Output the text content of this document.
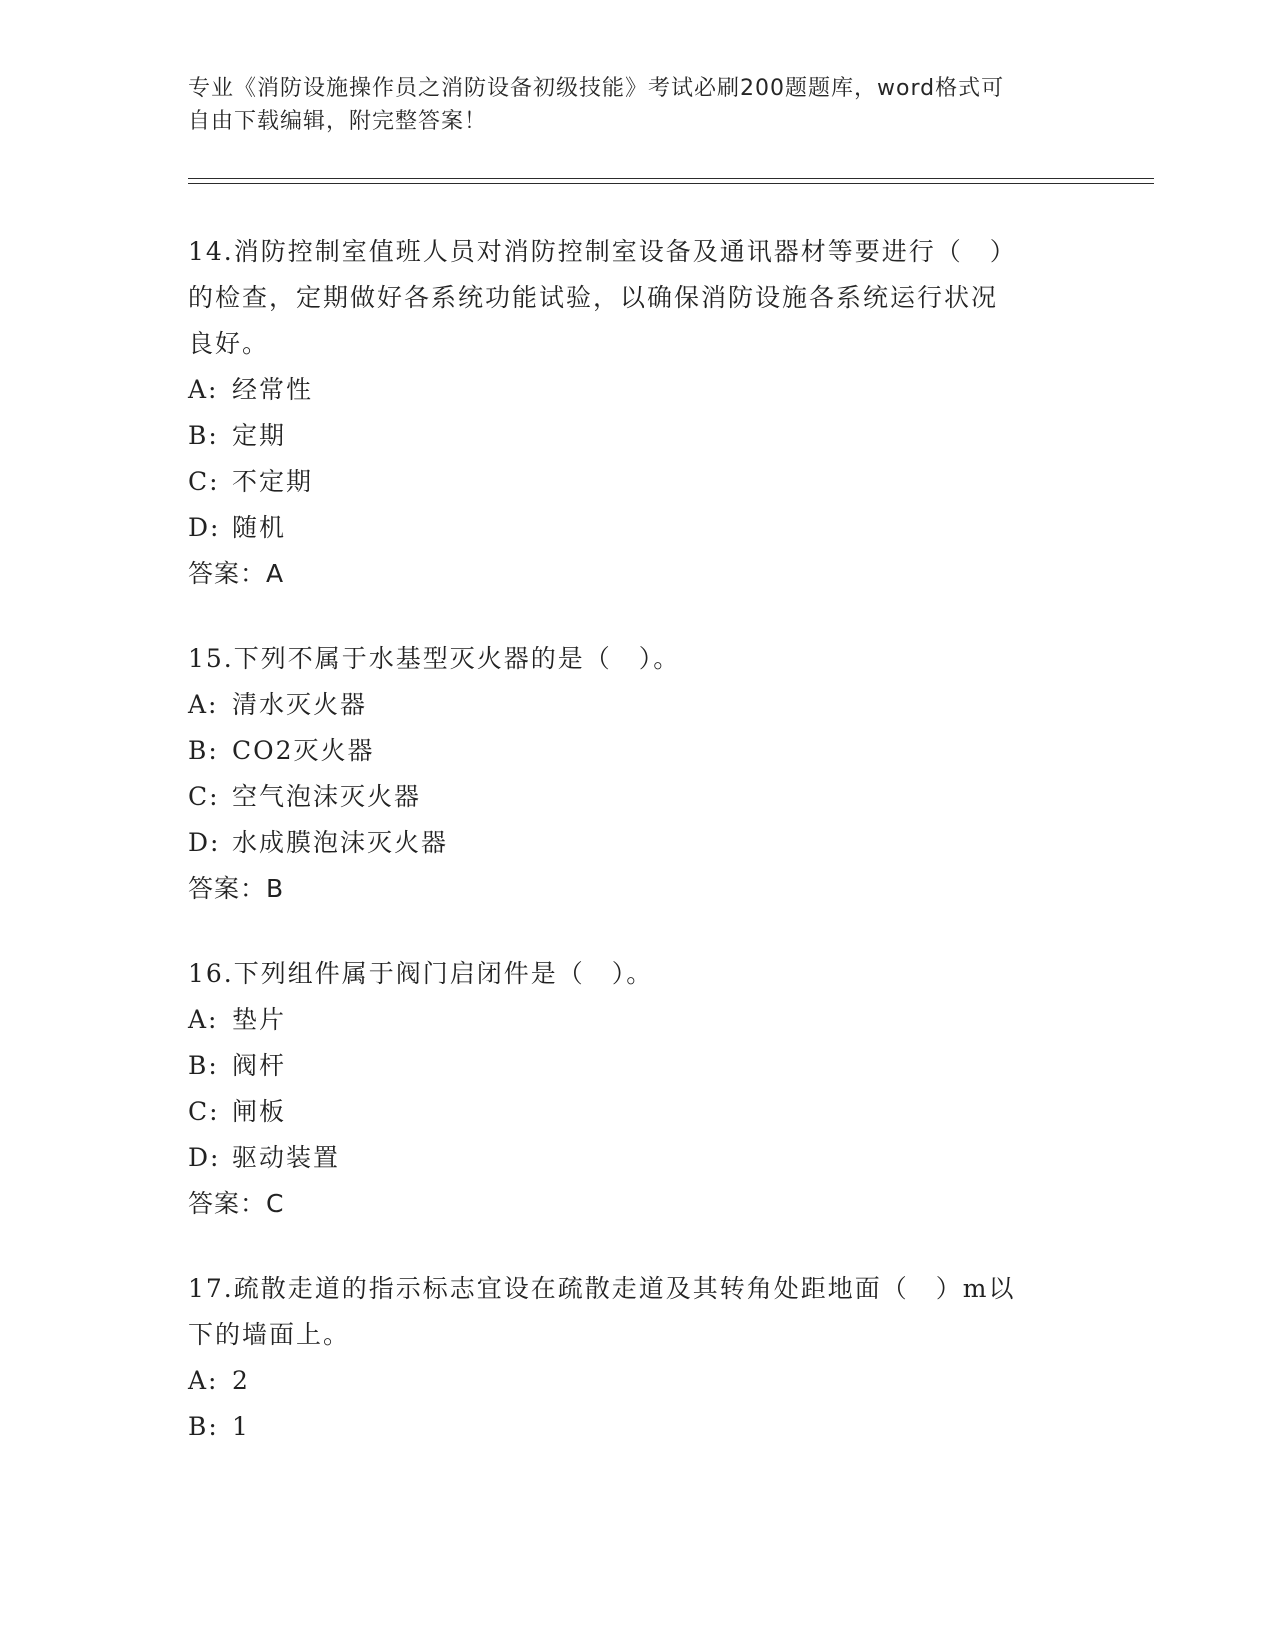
专业《消防设施操作员之消防设备初级技能》考试必刷200题题库，word格式可
自由下载编辑，附完整答案！
14.消防控制室值班人员对消防控制室设备及通讯器材等要进行（　）
的检查，定期做好各系统功能试验，以确保消防设施各系统运行状况
良好。
A: 经常性
B: 定期
C: 不定期
D: 随机
答案：A
15.下列不属于水基型灭火器的是（　）。
A: 清水灭火器
B: CO2灭火器
C: 空气泡沫灭火器
D: 水成膜泡沫灭火器
答案：B
16.下列组件属于阀门启闭件是（　）。
A: 垫片
B: 阀杆
C: 闸板
D: 驱动装置
答案：C
17.疏散走道的指示标志宜设在疏散走道及其转角处距地面（　）m以
下的墙面上。
A: 2
B: 1
